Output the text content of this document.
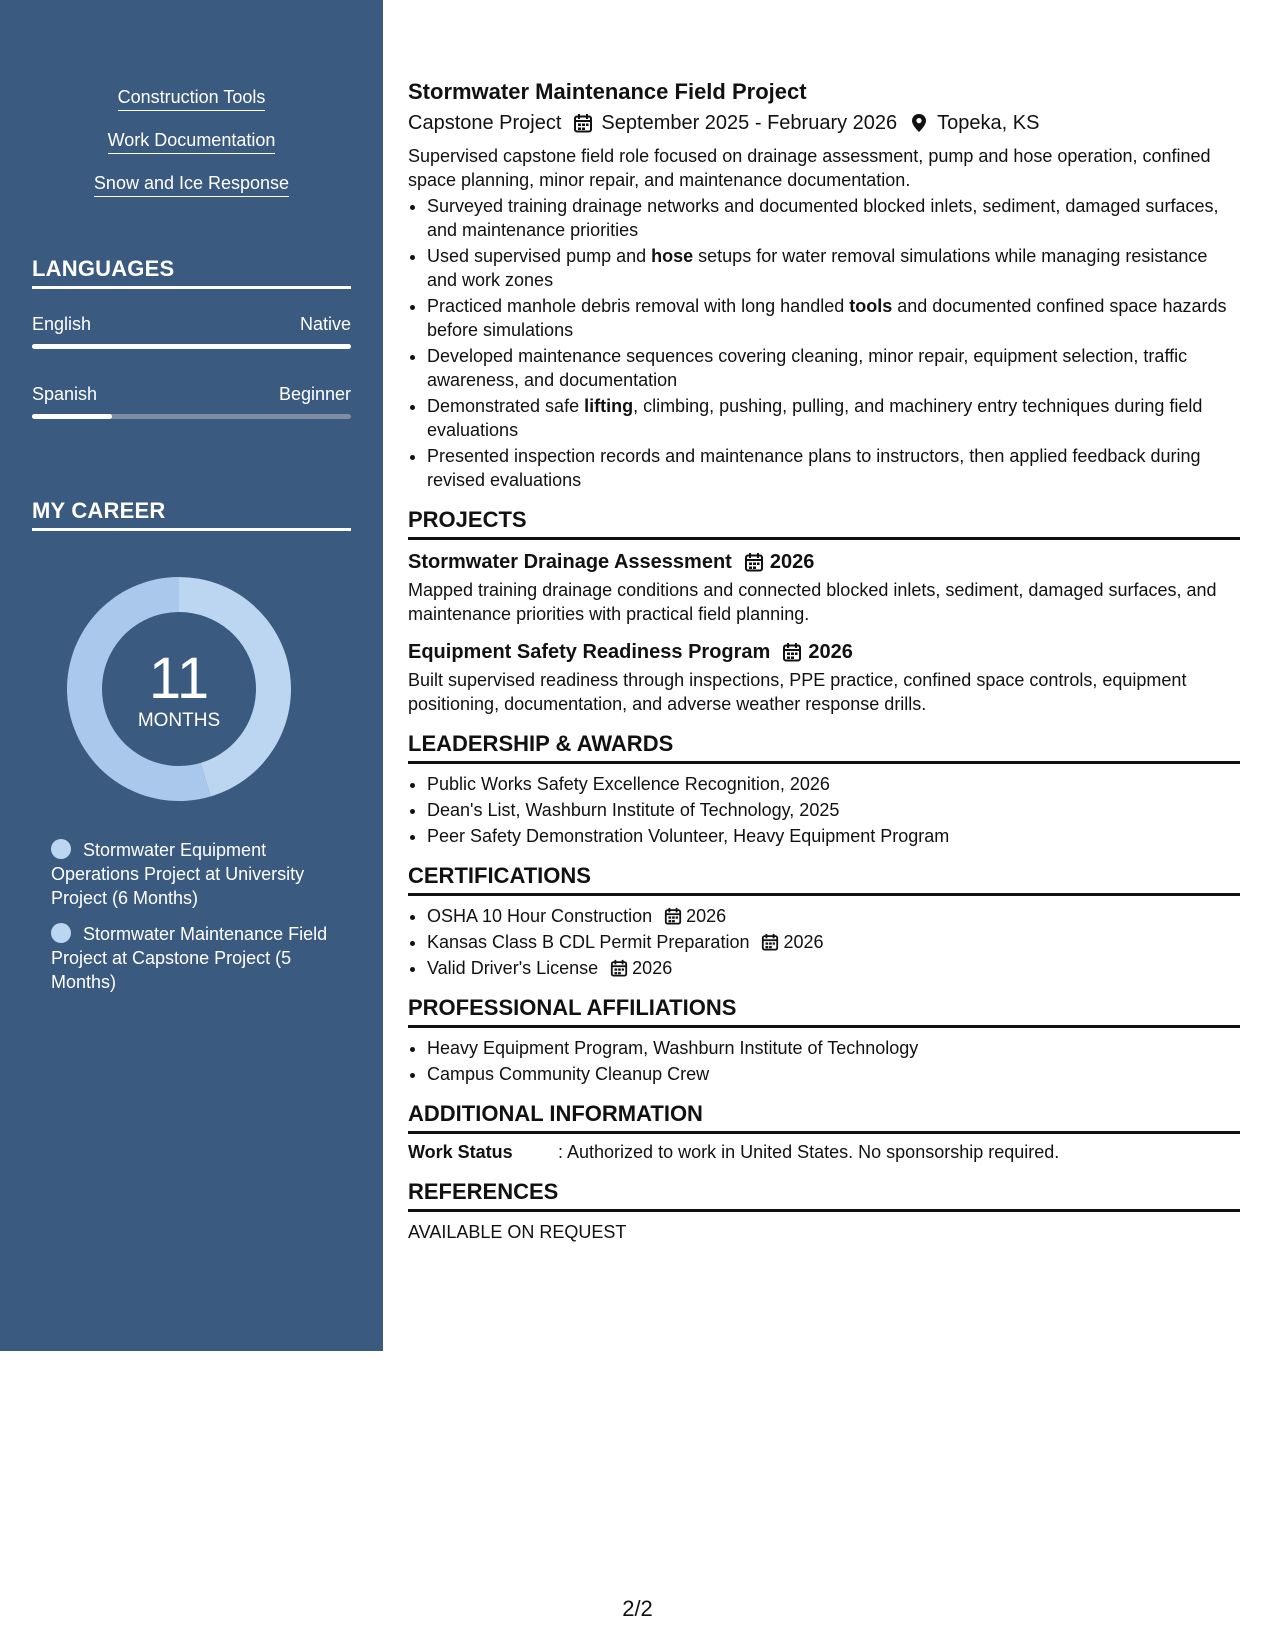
Construction Tools
Work Documentation
Snow and Ice Response
LANGUAGES
English	Native
Spanish	Beginner
MY CAREER
11
MONTHS
Stormwater Equipment Operations Project at University Project (6 Months)
Stormwater Maintenance Field Project at Capstone Project (5 Months)
Stormwater Maintenance Field Project
Capstone Project September 2025 - February 2026 Topeka, KS
Supervised capstone field role focused on drainage assessment, pump and hose operation, confined space planning, minor repair, and maintenance documentation.
• Surveyed training drainage networks and documented blocked inlets, sediment, damaged surfaces, and maintenance priorities
• Used supervised pump and hose setups for water removal simulations while managing resistance and work zones
• Practiced manhole debris removal with long handled tools and documented confined space hazards before simulations
• Developed maintenance sequences covering cleaning, minor repair, equipment selection, traffic awareness, and documentation
• Demonstrated safe lifting, climbing, pushing, pulling, and machinery entry techniques during field evaluations
• Presented inspection records and maintenance plans to instructors, then applied feedback during revised evaluations
PROJECTS
Stormwater Drainage Assessment 2026
Mapped training drainage conditions and connected blocked inlets, sediment, damaged surfaces, and maintenance priorities with practical field planning.
Equipment Safety Readiness Program 2026
Built supervised readiness through inspections, PPE practice, confined space controls, equipment positioning, documentation, and adverse weather response drills.
LEADERSHIP & AWARDS
• Public Works Safety Excellence Recognition, 2026
• Dean's List, Washburn Institute of Technology, 2025
• Peer Safety Demonstration Volunteer, Heavy Equipment Program
CERTIFICATIONS
• OSHA 10 Hour Construction 2026
• Kansas Class B CDL Permit Preparation 2026
• Valid Driver's License 2026
PROFESSIONAL AFFILIATIONS
• Heavy Equipment Program, Washburn Institute of Technology
• Campus Community Cleanup Crew
ADDITIONAL INFORMATION
Work Status	: Authorized to work in United States. No sponsorship required.
REFERENCES
AVAILABLE ON REQUEST
2/2
